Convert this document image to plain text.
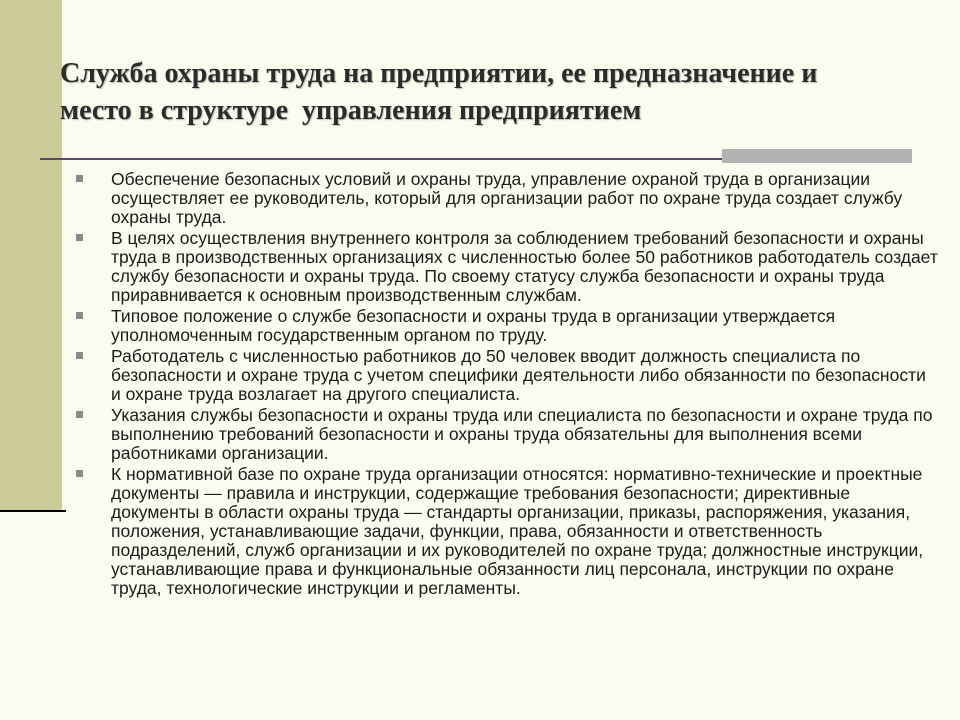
Служба охраны труда на предприятии, ее предназначение и
место в структуре  управления предприятием
Обеспечение безопасных условий и охраны труда, управление охраной труда в организации осуществляет ее руководитель, который для организации работ по охране труда создает службу охраны труда.
В целях осуществления внутреннего контроля за соблюдением требований безопасности и охраны труда в производственных организациях с численностью более 50 работников работодатель создает службу безопасности и охраны труда. По своему статусу служба безопасности и охраны труда приравнивается к основным производственным службам.
Типовое положение о службе безопасности и охраны труда в организации утверждается уполномоченным государственным органом по труду.
Работодатель с численностью работников до 50 человек вводит должность специалиста по безопасности и охране труда с учетом специфики деятельности либо обязанности по безопасности и охране труда возлагает на другого специалиста.
Указания службы безопасности и охраны труда или специалиста по безопасности и охране труда по выполнению требований безопасности и охраны труда обязательны для выполнения всеми работниками организации.
К нормативной базе по охране труда организации относятся: нормативно-технические и проектные документы — правила и инструкции, содержащие требования безопасности; директивные документы в области охраны труда — стандарты организации, приказы, распоряжения, указания, положения, устанавливающие задачи, функции, права, обязанности и ответственность подразделений, служб организации и их руководителей по охране труда; должностные инструкции, устанавливающие права и функциональные обязанности лиц персонала, инструкции по охране труда, технологические инструкции и регламенты.
